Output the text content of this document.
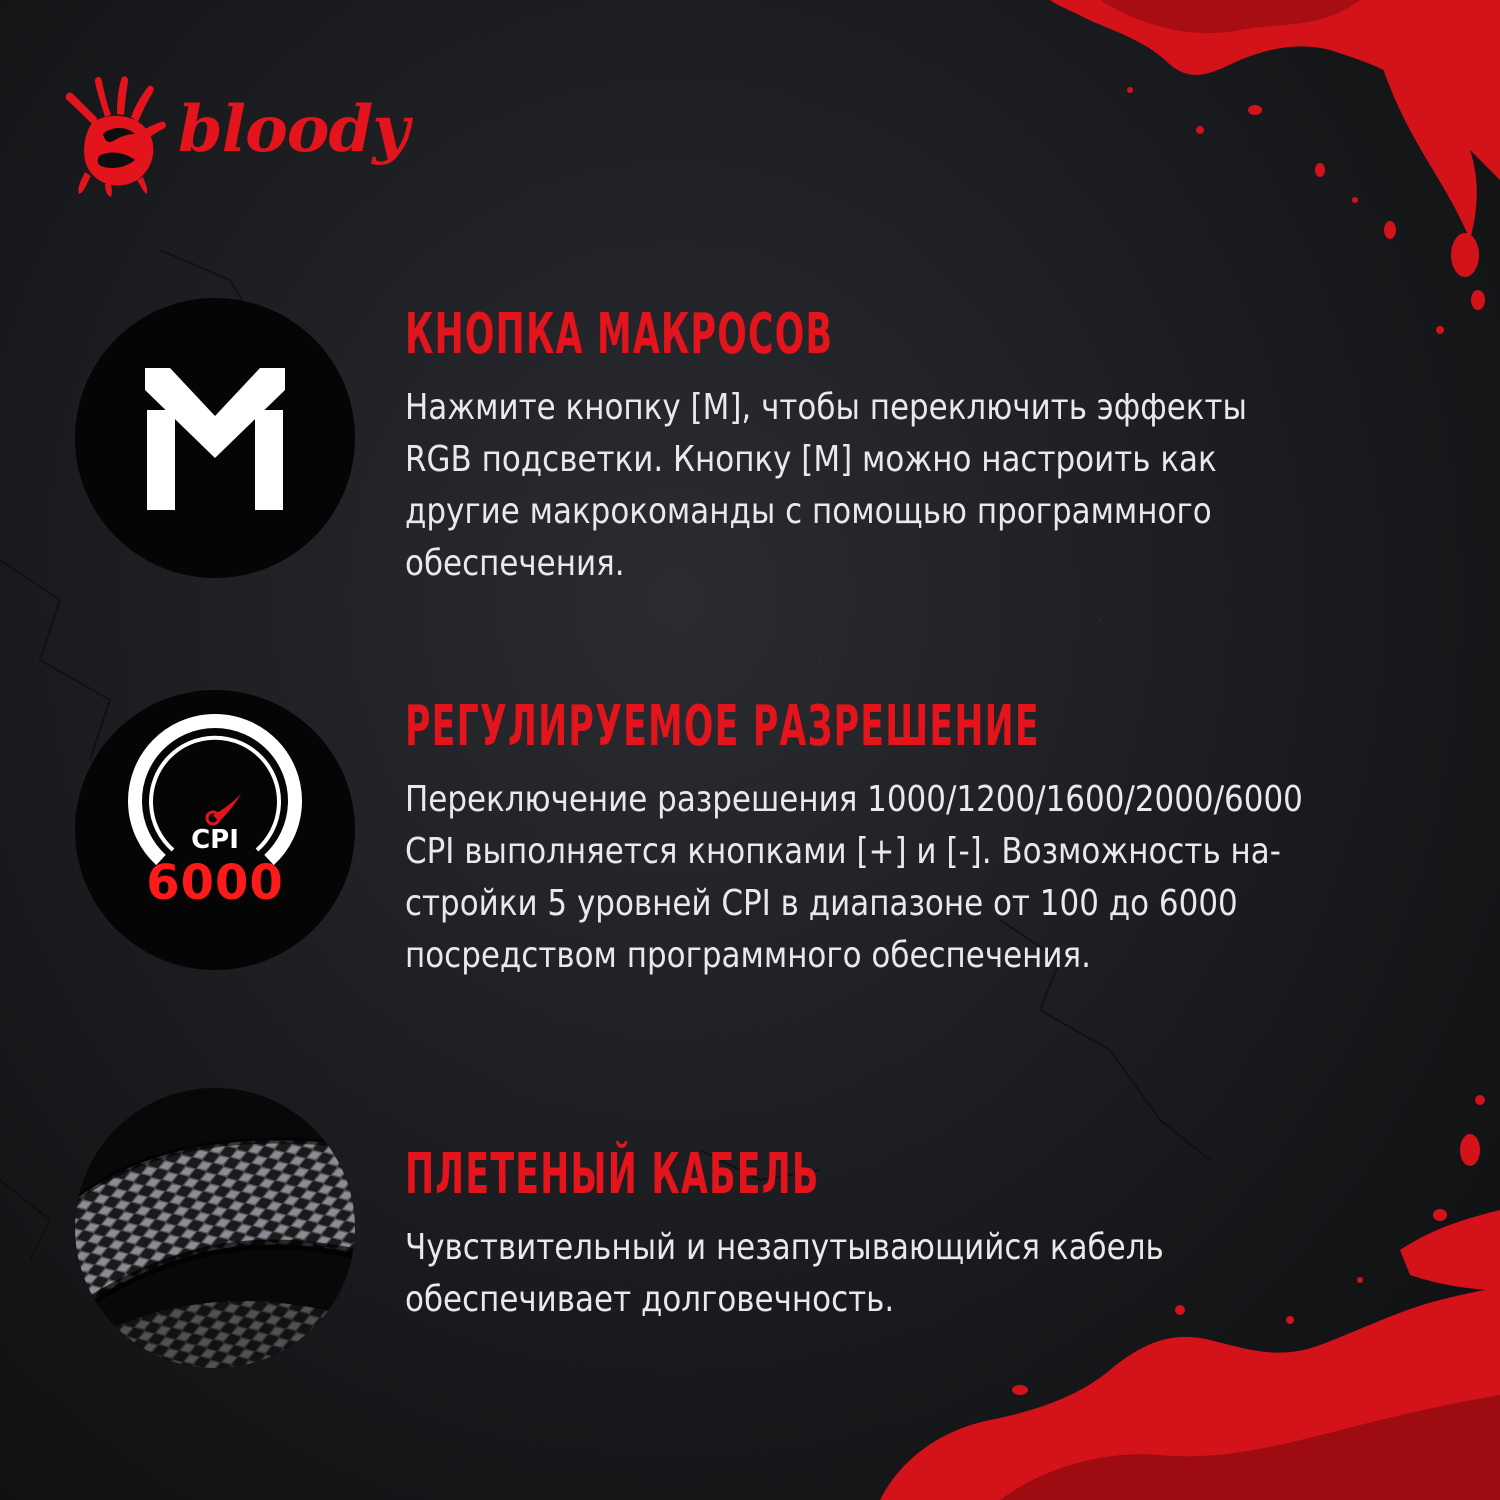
bloody
КНОПКА МАКРОСОВ
Нажмите кнопку [M], чтобы переключить эффекты
RGB подсветки. Кнопку [M] можно настроить как
другие макрокоманды с помощью программного
обеспечения.
CPI
6000
РЕГУЛИРУЕМОЕ РАЗРЕШЕНИЕ
Переключение разрешения 1000/1200/1600/2000/6000
CPI выполняется кнопками [+] и [-]. Возможность на-
стройки 5 уровней CPI в диапазоне от 100 до 6000
посредством программного обеспечения.
ПЛЕТЕНЫЙ КАБЕЛЬ
Чувствительный и незапутывающийся кабель
обеспечивает долговечность.
